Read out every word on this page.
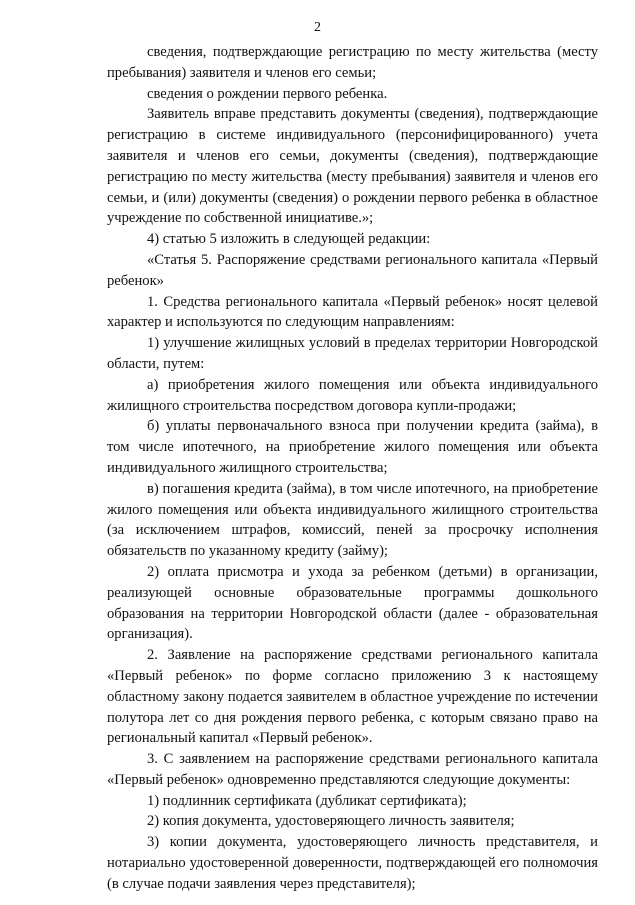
2

сведения, подтверждающие регистрацию по месту жительства (месту пребывания) заявителя и членов его семьи;

сведения о рождении первого ребенка.

Заявитель вправе представить документы (сведения), подтверждающие регистрацию в системе индивидуального (персонифицированного) учета заявителя и членов его семьи, документы (сведения), подтверждающие регистрацию по месту жительства (месту пребывания) заявителя и членов его семьи, и (или) документы (сведения) о рождении первого ребенка в областное учреждение по собственной инициативе.»;

4) статью 5 изложить в следующей редакции:

«Статья 5. Распоряжение средствами регионального капитала «Первый ребенок»

1. Средства регионального капитала «Первый ребенок» носят целевой характер и используются по следующим направлениям:

1) улучшение жилищных условий в пределах территории Новгородской области, путем:

а) приобретения жилого помещения или объекта индивидуального жилищного строительства посредством договора купли-продажи;

б) уплаты первоначального взноса при получении кредита (займа), в том числе ипотечного, на приобретение жилого помещения или объекта индивидуального жилищного строительства;

в) погашения кредита (займа), в том числе ипотечного, на приобретение жилого помещения или объекта индивидуального жилищного строительства (за исключением штрафов, комиссий, пеней за просрочку исполнения обязательств по указанному кредиту (займу);

2) оплата присмотра и ухода за ребенком (детьми) в организации, реализующей основные образовательные программы дошкольного образования на территории Новгородской области (далее - образовательная организация).

2. Заявление на распоряжение средствами регионального капитала «Первый ребенок» по форме согласно приложению 3 к настоящему областному закону подается заявителем в областное учреждение по истечении полутора лет со дня рождения первого ребенка, с которым связано право на региональный капитал «Первый ребенок».

3. С заявлением на распоряжение средствами регионального капитала «Первый ребенок» одновременно представляются следующие документы:

1) подлинник сертификата (дубликат сертификата);

2) копия документа, удостоверяющего личность заявителя;

3) копии документа, удостоверяющего личность представителя, и нотариально удостоверенной доверенности, подтверждающей его полномочия (в случае подачи заявления через представителя);
